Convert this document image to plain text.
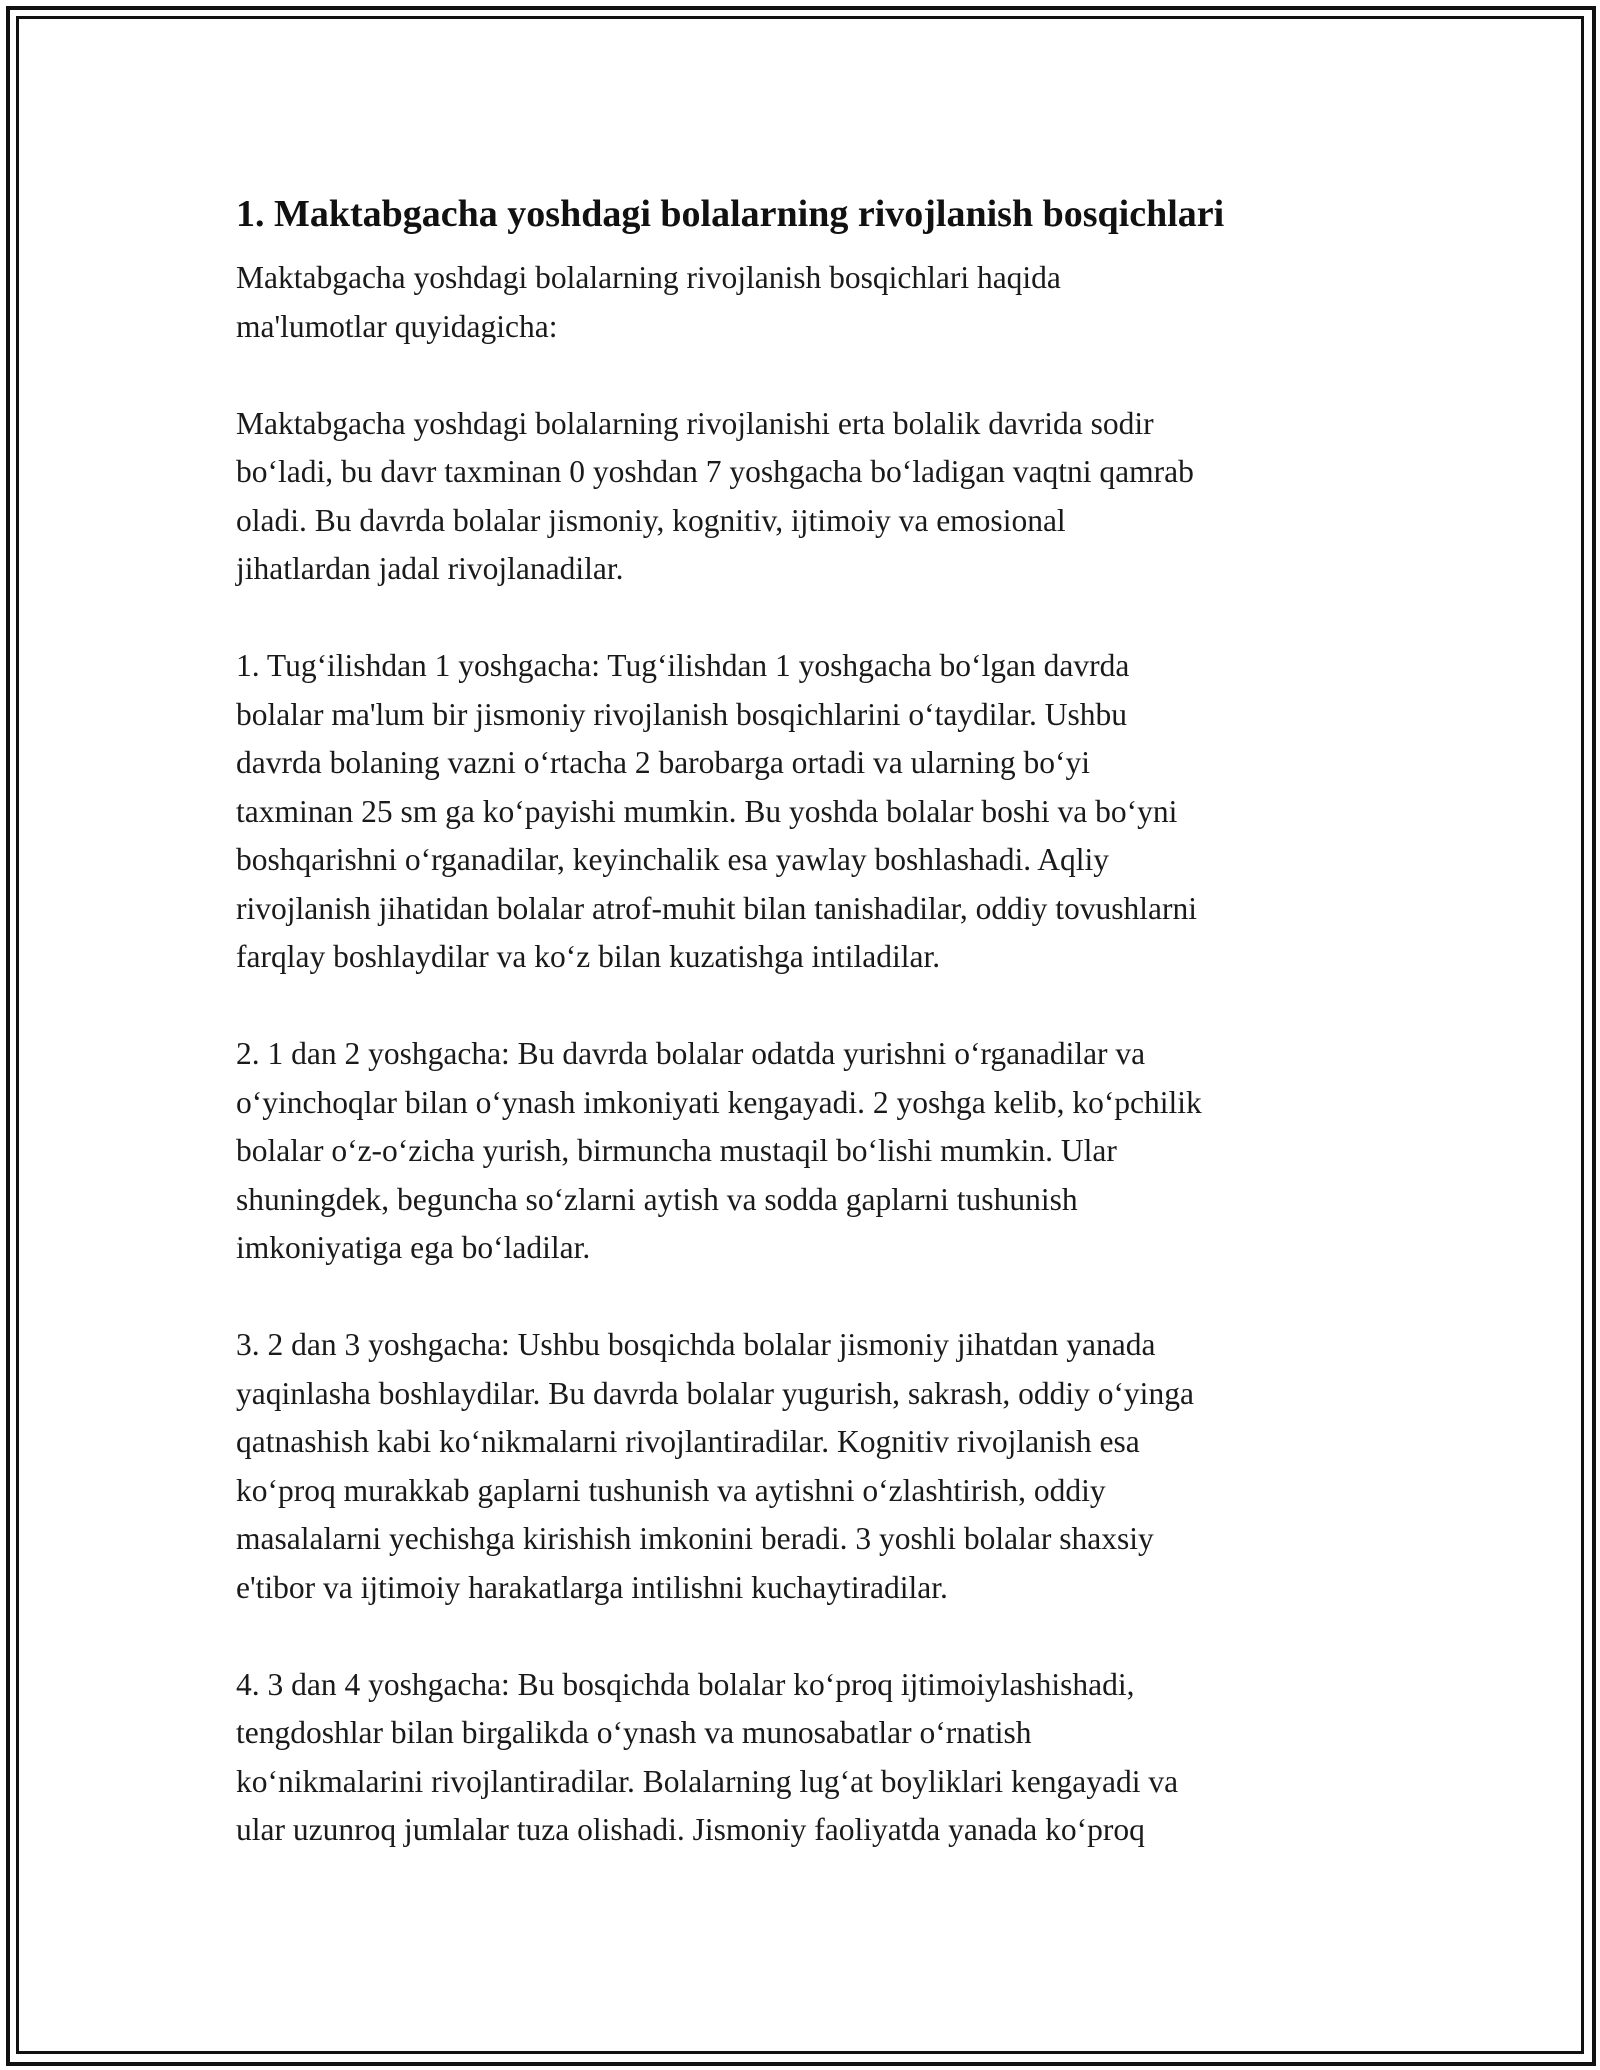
1. Maktabgacha yoshdagi bolalarning rivojlanish bosqichlari

Maktabgacha yoshdagi bolalarning rivojlanish bosqichlari haqida
ma'lumotlar quyidagicha:

Maktabgacha yoshdagi bolalarning rivojlanishi erta bolalik davrida sodir
bo‘ladi, bu davr taxminan 0 yoshdan 7 yoshgacha bo‘ladigan vaqtni qamrab
oladi. Bu davrda bolalar jismoniy, kognitiv, ijtimoiy va emosional
jihatlardan jadal rivojlanadilar.

1. Tug‘ilishdan 1 yoshgacha: Tug‘ilishdan 1 yoshgacha bo‘lgan davrda
bolalar ma'lum bir jismoniy rivojlanish bosqichlarini o‘taydilar. Ushbu
davrda bolaning vazni o‘rtacha 2 barobarga ortadi va ularning bo‘yi
taxminan 25 sm ga ko‘payishi mumkin. Bu yoshda bolalar boshi va bo‘yni
boshqarishni o‘rganadilar, keyinchalik esa yawlay boshlashadi. Aqliy
rivojlanish jihatidan bolalar atrof-muhit bilan tanishadilar, oddiy tovushlarni
farqlay boshlaydilar va ko‘z bilan kuzatishga intiladilar.

2. 1 dan 2 yoshgacha: Bu davrda bolalar odatda yurishni o‘rganadilar va
o‘yinchoqlar bilan o‘ynash imkoniyati kengayadi. 2 yoshga kelib, ko‘pchilik
bolalar o‘z-o‘zicha yurish, birmuncha mustaqil bo‘lishi mumkin. Ular
shuningdek, beguncha so‘zlarni aytish va sodda gaplarni tushunish
imkoniyatiga ega bo‘ladilar.

3. 2 dan 3 yoshgacha: Ushbu bosqichda bolalar jismoniy jihatdan yanada
yaqinlasha boshlaydilar. Bu davrda bolalar yugurish, sakrash, oddiy o‘yinga
qatnashish kabi ko‘nikmalarni rivojlantiradilar. Kognitiv rivojlanish esa
ko‘proq murakkab gaplarni tushunish va aytishni o‘zlashtirish, oddiy
masalalarni yechishga kirishish imkonini beradi. 3 yoshli bolalar shaxsiy
e'tibor va ijtimoiy harakatlarga intilishni kuchaytiradilar.

4. 3 dan 4 yoshgacha: Bu bosqichda bolalar ko‘proq ijtimoiylashishadi,
tengdoshlar bilan birgalikda o‘ynash va munosabatlar o‘rnatish
ko‘nikmalarini rivojlantiradilar. Bolalarning lug‘at boyliklari kengayadi va
ular uzunroq jumlalar tuza olishadi. Jismoniy faoliyatda yanada ko‘proq
